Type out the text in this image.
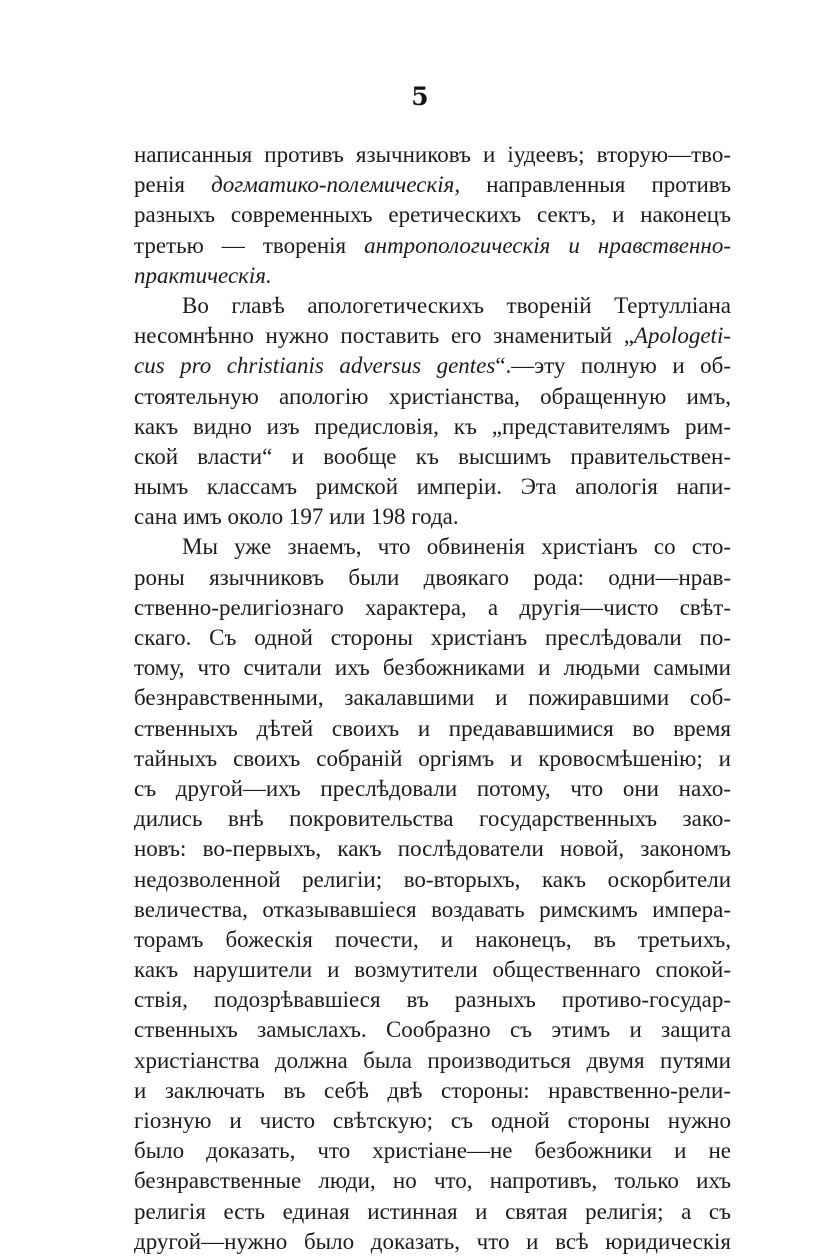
5
написанныя противъ язычниковъ и іудеевъ; вторую—тво-
ренія догматико-полемическія, направленныя противъ
разныхъ современныхъ еретическихъ сектъ, и наконецъ
третью — творенія антропологическія и нравственно-
практическія.
Во главѣ апологетическихъ твореній Тертулліана
несомнѣнно нужно поставить его знаменитый „Apologeti-
cus pro christianis adversus gentes“.—эту полную и об-
стоятельную апологію христіанства, обращенную имъ,
какъ видно изъ предисловія, къ „представителямъ рим-
ской власти“ и вообще къ высшимъ правительствен-
нымъ классамъ римской имперіи. Эта апологія напи-
сана имъ около 197 или 198 года.
Мы уже знаемъ, что обвиненія христіанъ со сто-
роны язычниковъ были двоякаго рода: одни—нрав-
ственно-религіознаго характера, а другія—чисто свѣт-
скаго. Съ одной стороны христіанъ преслѣдовали по-
тому, что считали ихъ безбожниками и людьми самыми
безнравственными, закалавшими и пожиравшими соб-
ственныхъ дѣтей своихъ и предававшимися во время
тайныхъ своихъ собраній оргіямъ и кровосмѣшенію; и
съ другой—ихъ преслѣдовали потому, что они нахо-
дились внѣ покровительства государственныхъ зако-
новъ: во-первыхъ, какъ послѣдователи новой, закономъ
недозволенной религіи; во-вторыхъ, какъ оскорбители
величества, отказывавшіеся воздавать римскимъ импера-
торамъ божескія почести, и наконецъ, въ третьихъ,
какъ нарушители и возмутители общественнаго спокой-
ствія, подозрѣвавшіеся въ разныхъ противо-государ-
ственныхъ замыслахъ. Сообразно съ этимъ и защита
христіанства должна была производиться двумя путями
и заключать въ себѣ двѣ стороны: нравственно-рели-
гіозную и чисто свѣтскую; съ одной стороны нужно
было доказать, что христіане—не безбожники и не
безнравственные люди, но что, напротивъ, только ихъ
религія есть единая истинная и святая религія; а съ
другой—нужно было доказать, что и всѣ юридическія
